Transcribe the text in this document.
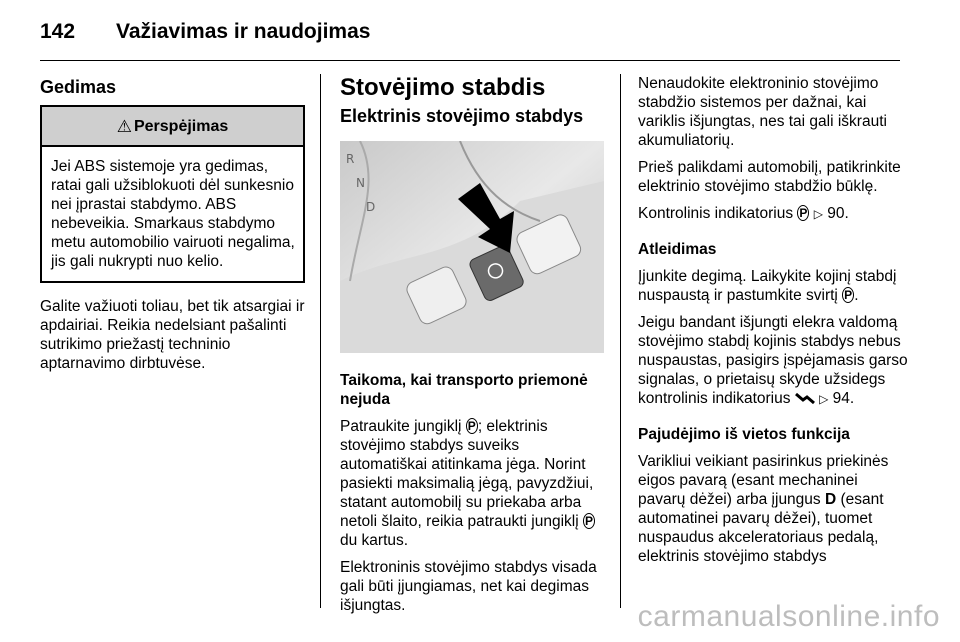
142	Važiavimas ir naudojimas
Gedimas
⚠ Perspėjimas
Jei ABS sistemoje yra gedimas, ratai gali užsiblokuoti dėl sunkesnio nei įprastai stabdymo. ABS nebeveikia. Smarkaus stabdymo metu automobilio vairuoti negalima, jis gali nukrypti nuo kelio.

Galite važiuoti toliau, bet tik atsargiai ir apdairiai. Reikia nedelsiant pašalinti sutrikimo priežastį techninio aptarnavimo dirbtuvėse.

Stovėjimo stabdis
Elektrinis stovėjimo stabdys
R
N
D

Taikoma, kai transporto priemonė nejuda

Patraukite jungiklį P ; elektrinis stovėjimo stabdys suveiks automatiškai atitinkama jėga. Norint pasiekti maksimalią jėgą, pavyzdžiui, statant automobilį su priekaba arba netoli šlaito, reikia patraukti jungiklį P du kartus.

Elektroninis stovėjimo stabdys visada gali būti įjungiamas, net kai degimas išjungtas.

Nenaudokite elektroninio stovėjimo stabdžio sistemos per dažnai, kai variklis išjungtas, nes tai gali iškrauti akumuliatorių.

Prieš palikdami automobilį, patikrinkite elektrinio stovėjimo stabdžio būklę.

Kontrolinis indikatorius P ▷ 90.

Atleidimas

Įjunkite degimą. Laikykite kojinį stabdį nuspaustą ir pastumkite svirtį P .

Jeigu bandant išjungti elekra valdomą stovėjimo stabdį kojinis stabdys nebus nuspaustas, pasigirs įspėjamasis garso signalas, o prietaisų skyde užsidegs kontrolinis indikatorius ▷ 94.

Pajudėjimo iš vietos funkcija

Varikliui veikiant pasirinkus priekinės eigos pavarą (esant mechaninei pavarų dėžei) arba įjungus D (esant automatinei pavarų dėžei), tuomet nuspaudus akceleratoriaus pedalą, elektrinis stovėjimo stabdys

carmanualsonline.info
